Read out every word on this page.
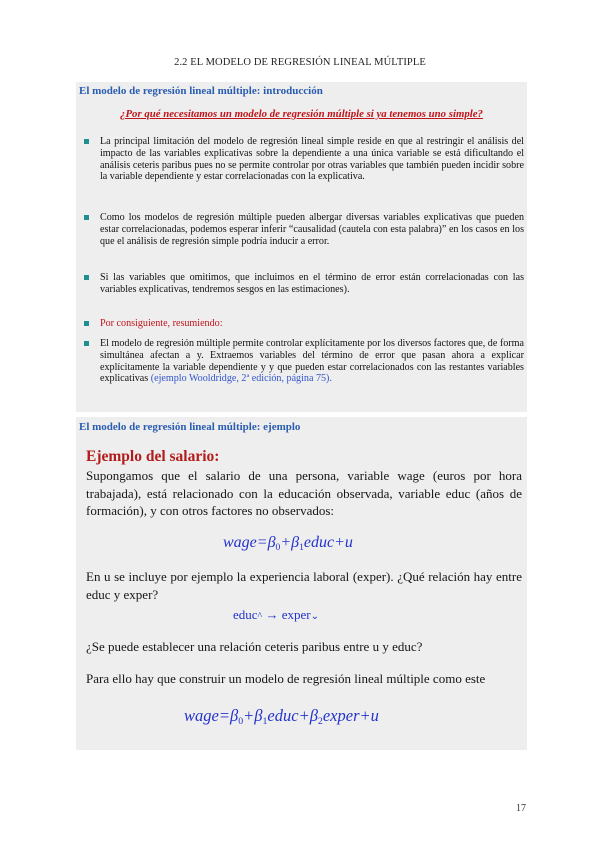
2.2 EL MODELO DE REGRESIÓN LINEAL MÚLTIPLE
El modelo de regresión lineal múltiple: introducción
¿Por qué necesitamos un modelo de regresión múltiple si ya tenemos uno simple?
La principal limitación del modelo de regresión lineal simple reside en que al restringir el análisis del impacto de las variables explicativas sobre la dependiente a una única variable se está dificultando el análisis ceteris paribus pues no se permite controlar por otras variables que también pueden incidir sobre la variable dependiente y estar correlacionadas con la explicativa.
Como los modelos de regresión múltiple pueden albergar diversas variables explicativas que pueden estar correlacionadas, podemos esperar inferir “causalidad (cautela con esta palabra)” en los casos en los que el análisis de regresión simple podría inducir a error.
Si las variables que omitimos, que incluimos en el término de error están correlacionadas con las variables explicativas, tendremos sesgos en las estimaciones).
Por consiguiente, resumiendo:
El modelo de regresión múltiple permite controlar explícitamente por los diversos factores que, de forma simultánea afectan a y. Extraemos variables del término de error que pasan ahora a explicar explícitamente la variable dependiente y y que pueden estar correlacionados con las restantes variables explicativas (ejemplo Wooldridge, 2ª edición, página 75).
El modelo de regresión lineal múltiple: ejemplo
Ejemplo del salario:
Supongamos que el salario de una persona, variable wage (euros por hora trabajada), está relacionado con la educación observada, variable educ (años de formación), y con otros factores no observados:
$wage=\beta_0+\beta_1educ+u$
En u se incluye por ejemplo la experiencia laboral (exper). ¿Qué relación hay entre educ y exper?
educ^ → exper⌄
¿Se puede establecer una relación ceteris paribus entre u y educ?
Para ello hay que construir un modelo de regresión lineal múltiple como este
$wage=\beta_0+\beta_1educ+\beta_2exper+u$
17
